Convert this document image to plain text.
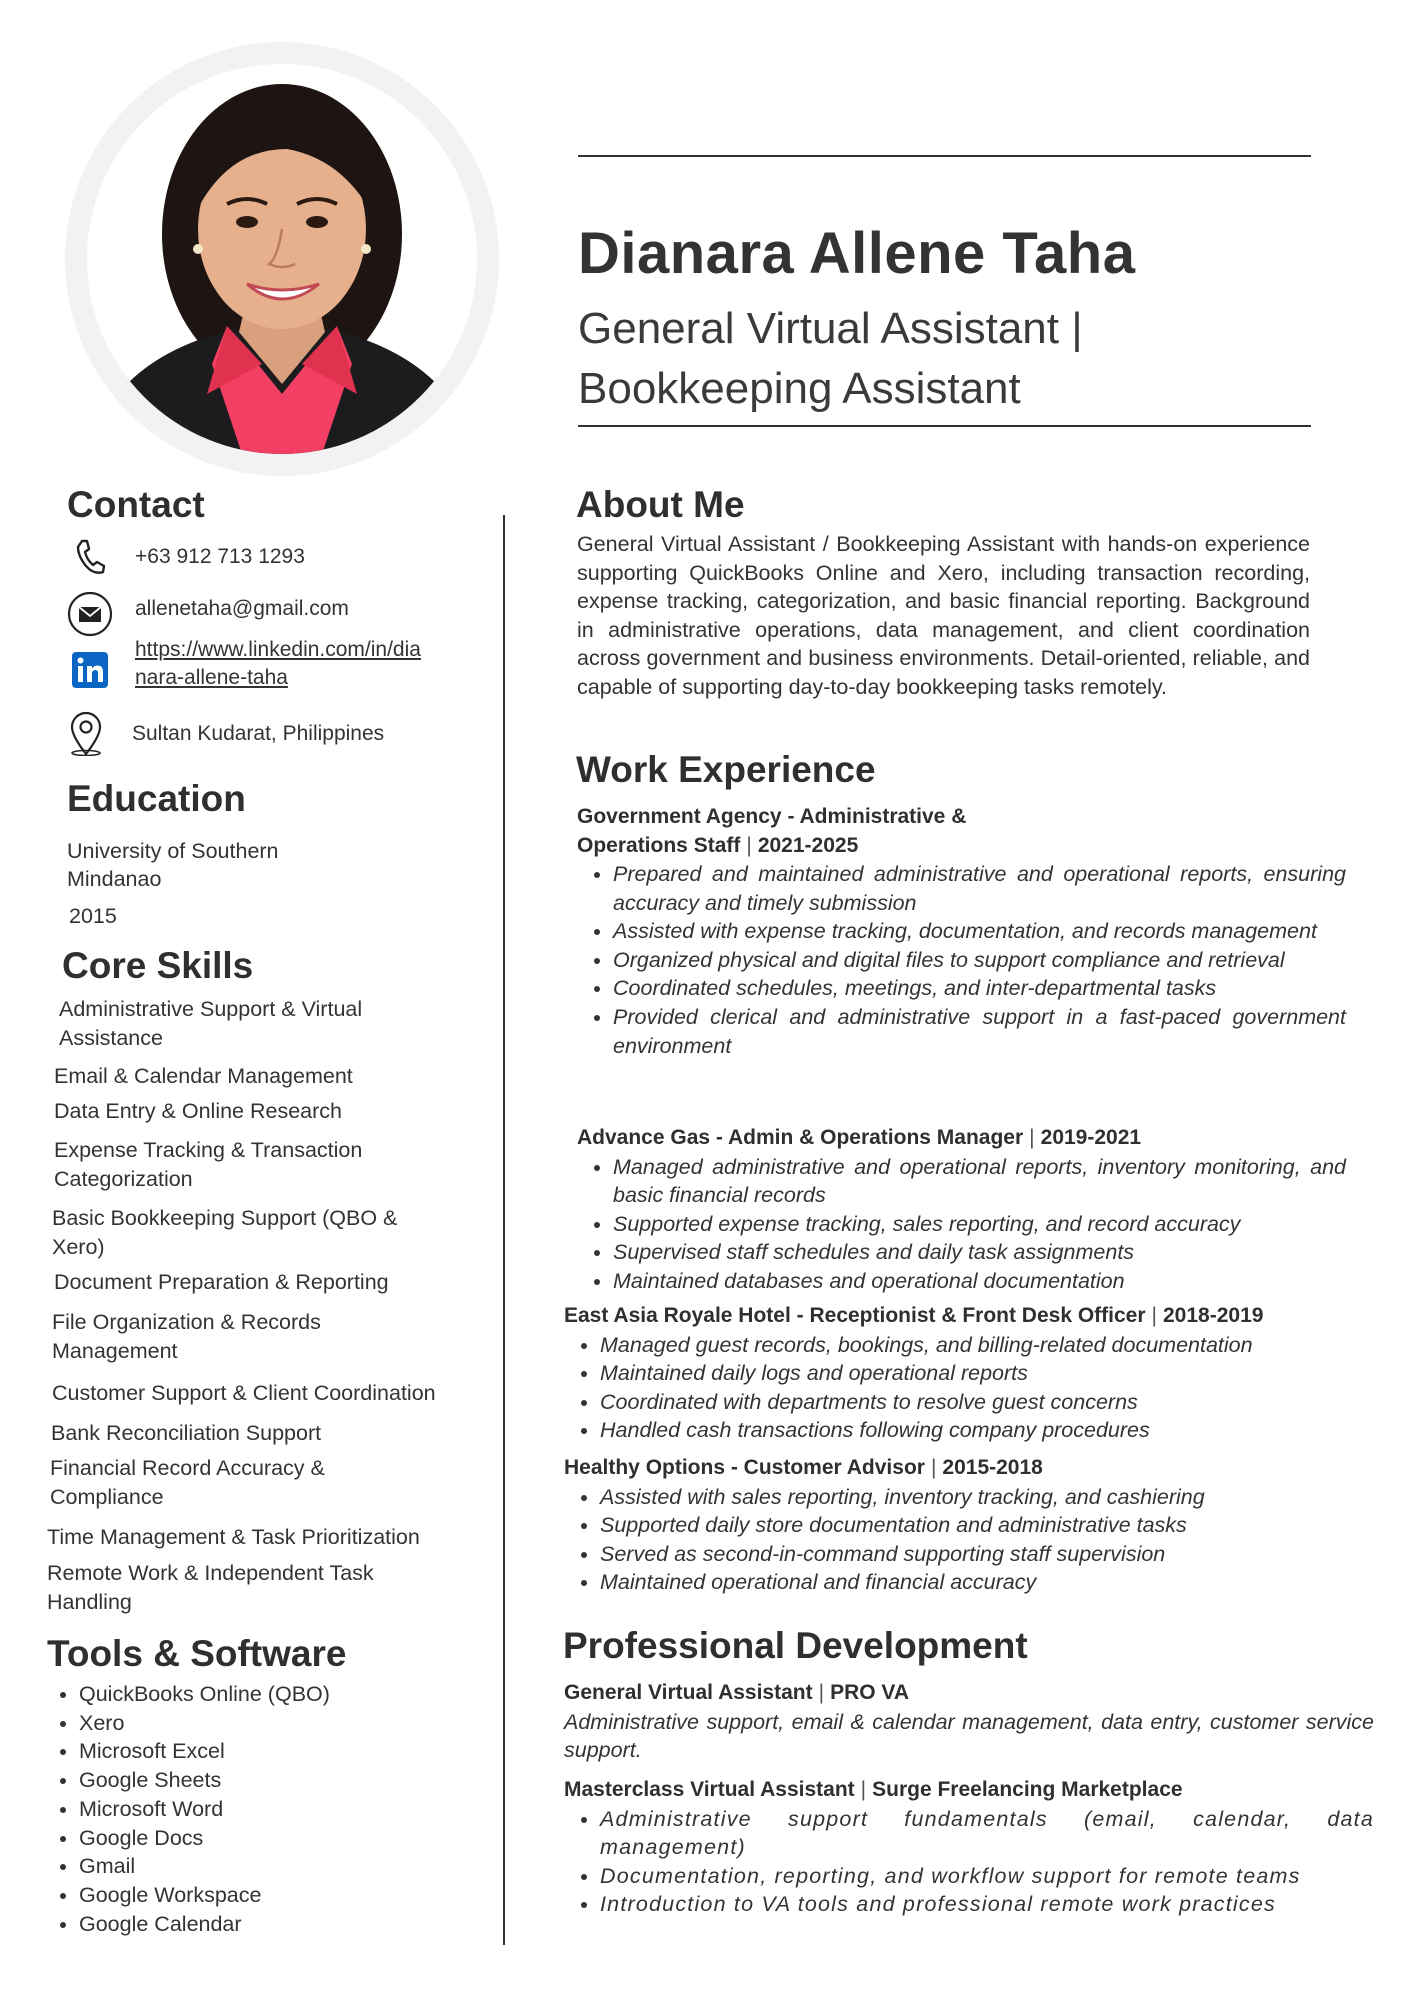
Dianara Allene Taha
General Virtual Assistant |
Bookkeeping Assistant
Contact
+63 912 713 1293
allenetaha@gmail.com
https://www.linkedin.com/in/dia
nara-allene-taha
Sultan Kudarat, Philippines
Education
University of Southern
Mindanao
2015
Core Skills
Administrative Support & Virtual
Assistance
Email & Calendar Management
Data Entry & Online Research
Expense Tracking & Transaction
Categorization
Basic Bookkeeping Support (QBO &
Xero)
Document Preparation & Reporting
File Organization & Records
Management
Customer Support & Client Coordination
Bank Reconciliation Support
Financial Record Accuracy &
Compliance
Time Management & Task Prioritization
Remote Work & Independent Task
Handling
Tools & Software
• QuickBooks Online (QBO)
• Xero
• Microsoft Excel
• Google Sheets
• Microsoft Word
• Google Docs
• Gmail
• Google Workspace
• Google Calendar
About Me
General Virtual Assistant / Bookkeeping Assistant with hands-on experience supporting QuickBooks Online and Xero, including transaction recording, expense tracking, categorization, and basic financial reporting. Background in administrative operations, data management, and client coordination across government and business environments. Detail-oriented, reliable, and capable of supporting day-to-day bookkeeping tasks remotely.
Work Experience
Government Agency - Administrative &
Operations Staff | 2021-2025
• Prepared and maintained administrative and operational reports, ensuring accuracy and timely submission
• Assisted with expense tracking, documentation, and records management
• Organized physical and digital files to support compliance and retrieval
• Coordinated schedules, meetings, and inter-departmental tasks
• Provided clerical and administrative support in a fast-paced government environment
Advance Gas - Admin & Operations Manager | 2019-2021
• Managed administrative and operational reports, inventory monitoring, and basic financial records
• Supported expense tracking, sales reporting, and record accuracy
• Supervised staff schedules and daily task assignments
• Maintained databases and operational documentation
East Asia Royale Hotel - Receptionist & Front Desk Officer | 2018-2019
• Managed guest records, bookings, and billing-related documentation
• Maintained daily logs and operational reports
• Coordinated with departments to resolve guest concerns
• Handled cash transactions following company procedures
Healthy Options - Customer Advisor | 2015-2018
• Assisted with sales reporting, inventory tracking, and cashiering
• Supported daily store documentation and administrative tasks
• Served as second-in-command supporting staff supervision
• Maintained operational and financial accuracy
Professional Development
General Virtual Assistant | PRO VA
Administrative support, email & calendar management, data entry, customer service support.
Masterclass Virtual Assistant | Surge Freelancing Marketplace
• Administrative support fundamentals (email, calendar, data management)
• Documentation, reporting, and workflow support for remote teams
• Introduction to VA tools and professional remote work practices
